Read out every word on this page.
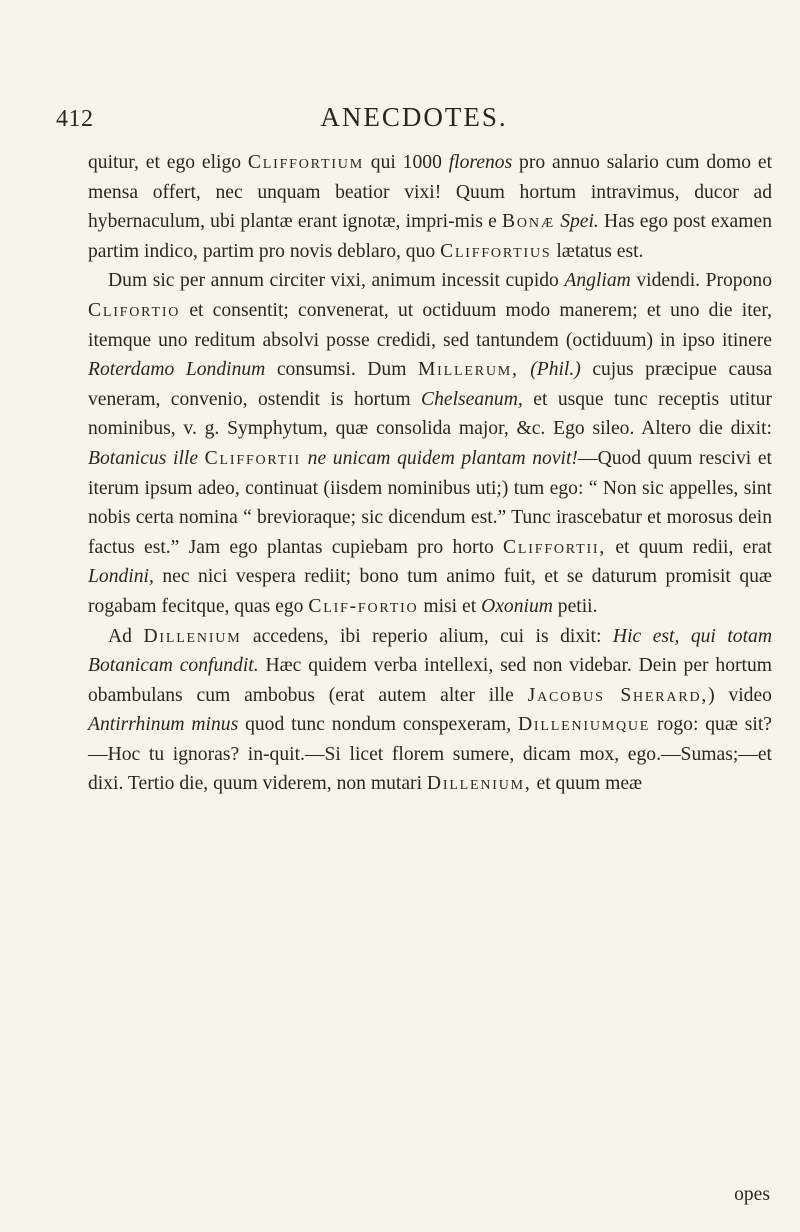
412	ANECDOTES.

quitur, et ego eligo Cliffortium qui 1000 florenos pro annuo salario cum domo et mensa offert, nec unquam beatior vixi! Quum hortum intravimus, ducor ad hybernaculum, ubi plantæ erant ignotæ, impri-mis e Bonæ Spei. Has ego post examen partim indico, partim pro novis deblaro, quo Cliffortius lætatus est.

Dum sic per annum circiter vixi, animum incessit cupido Angliam videndi. Propono Clifortio et consentit; convenerat, ut octiduum modo manerem; et uno die iter, itemque uno reditum absolvi posse credidi, sed tantundem (octiduum) in ipso itinere Roterdamo Londinum consumsi. Dum Millerum, (Phil.) cujus præcipue causa veneram, convenio, ostendit is hortum Chelseanum, et usque tunc receptis utitur nominibus, v. g. Symphytum, quæ consolida major, &c. Ego sileo. Altero die dixit: Botanicus ille Cliffortii ne unicam quidem plantam novit!—Quod quum rescivi et iterum ipsum adeo, continuat (iisdem nominibus uti;) tum ego: “ Non sic appelles, sint nobis certa nomina “ brevioraque; sic dicendum est.” Tunc irascebatur et morosus dein factus est.” Jam ego plantas cupiebam pro horto Cliffortii, et quum redii, erat Londini, nec nici vespera rediit; bono tum animo fuit, et se daturum promisit quæ rogabam fecitque, quas ego Clif-fortio misi et Oxonium petii.

Ad Dillenium accedens, ibi reperio alium, cui is dixit: Hic est, qui totam Botanicam confundit. Hæc quidem verba intellexi, sed non videbar. Dein per hortum obambulans cum ambobus (erat autem alter ille Jacobus Sherard,) video Antirrhinum minus quod tunc nondum conspexeram, Dilleniumque rogo: quæ sit?—Hoc tu ignoras? in-quit.—Si licet florem sumere, dicam mox, ego.—Sumas;—et dixi. Tertio die, quum viderem, non mutari Dillenium, et quum meæ

opes
